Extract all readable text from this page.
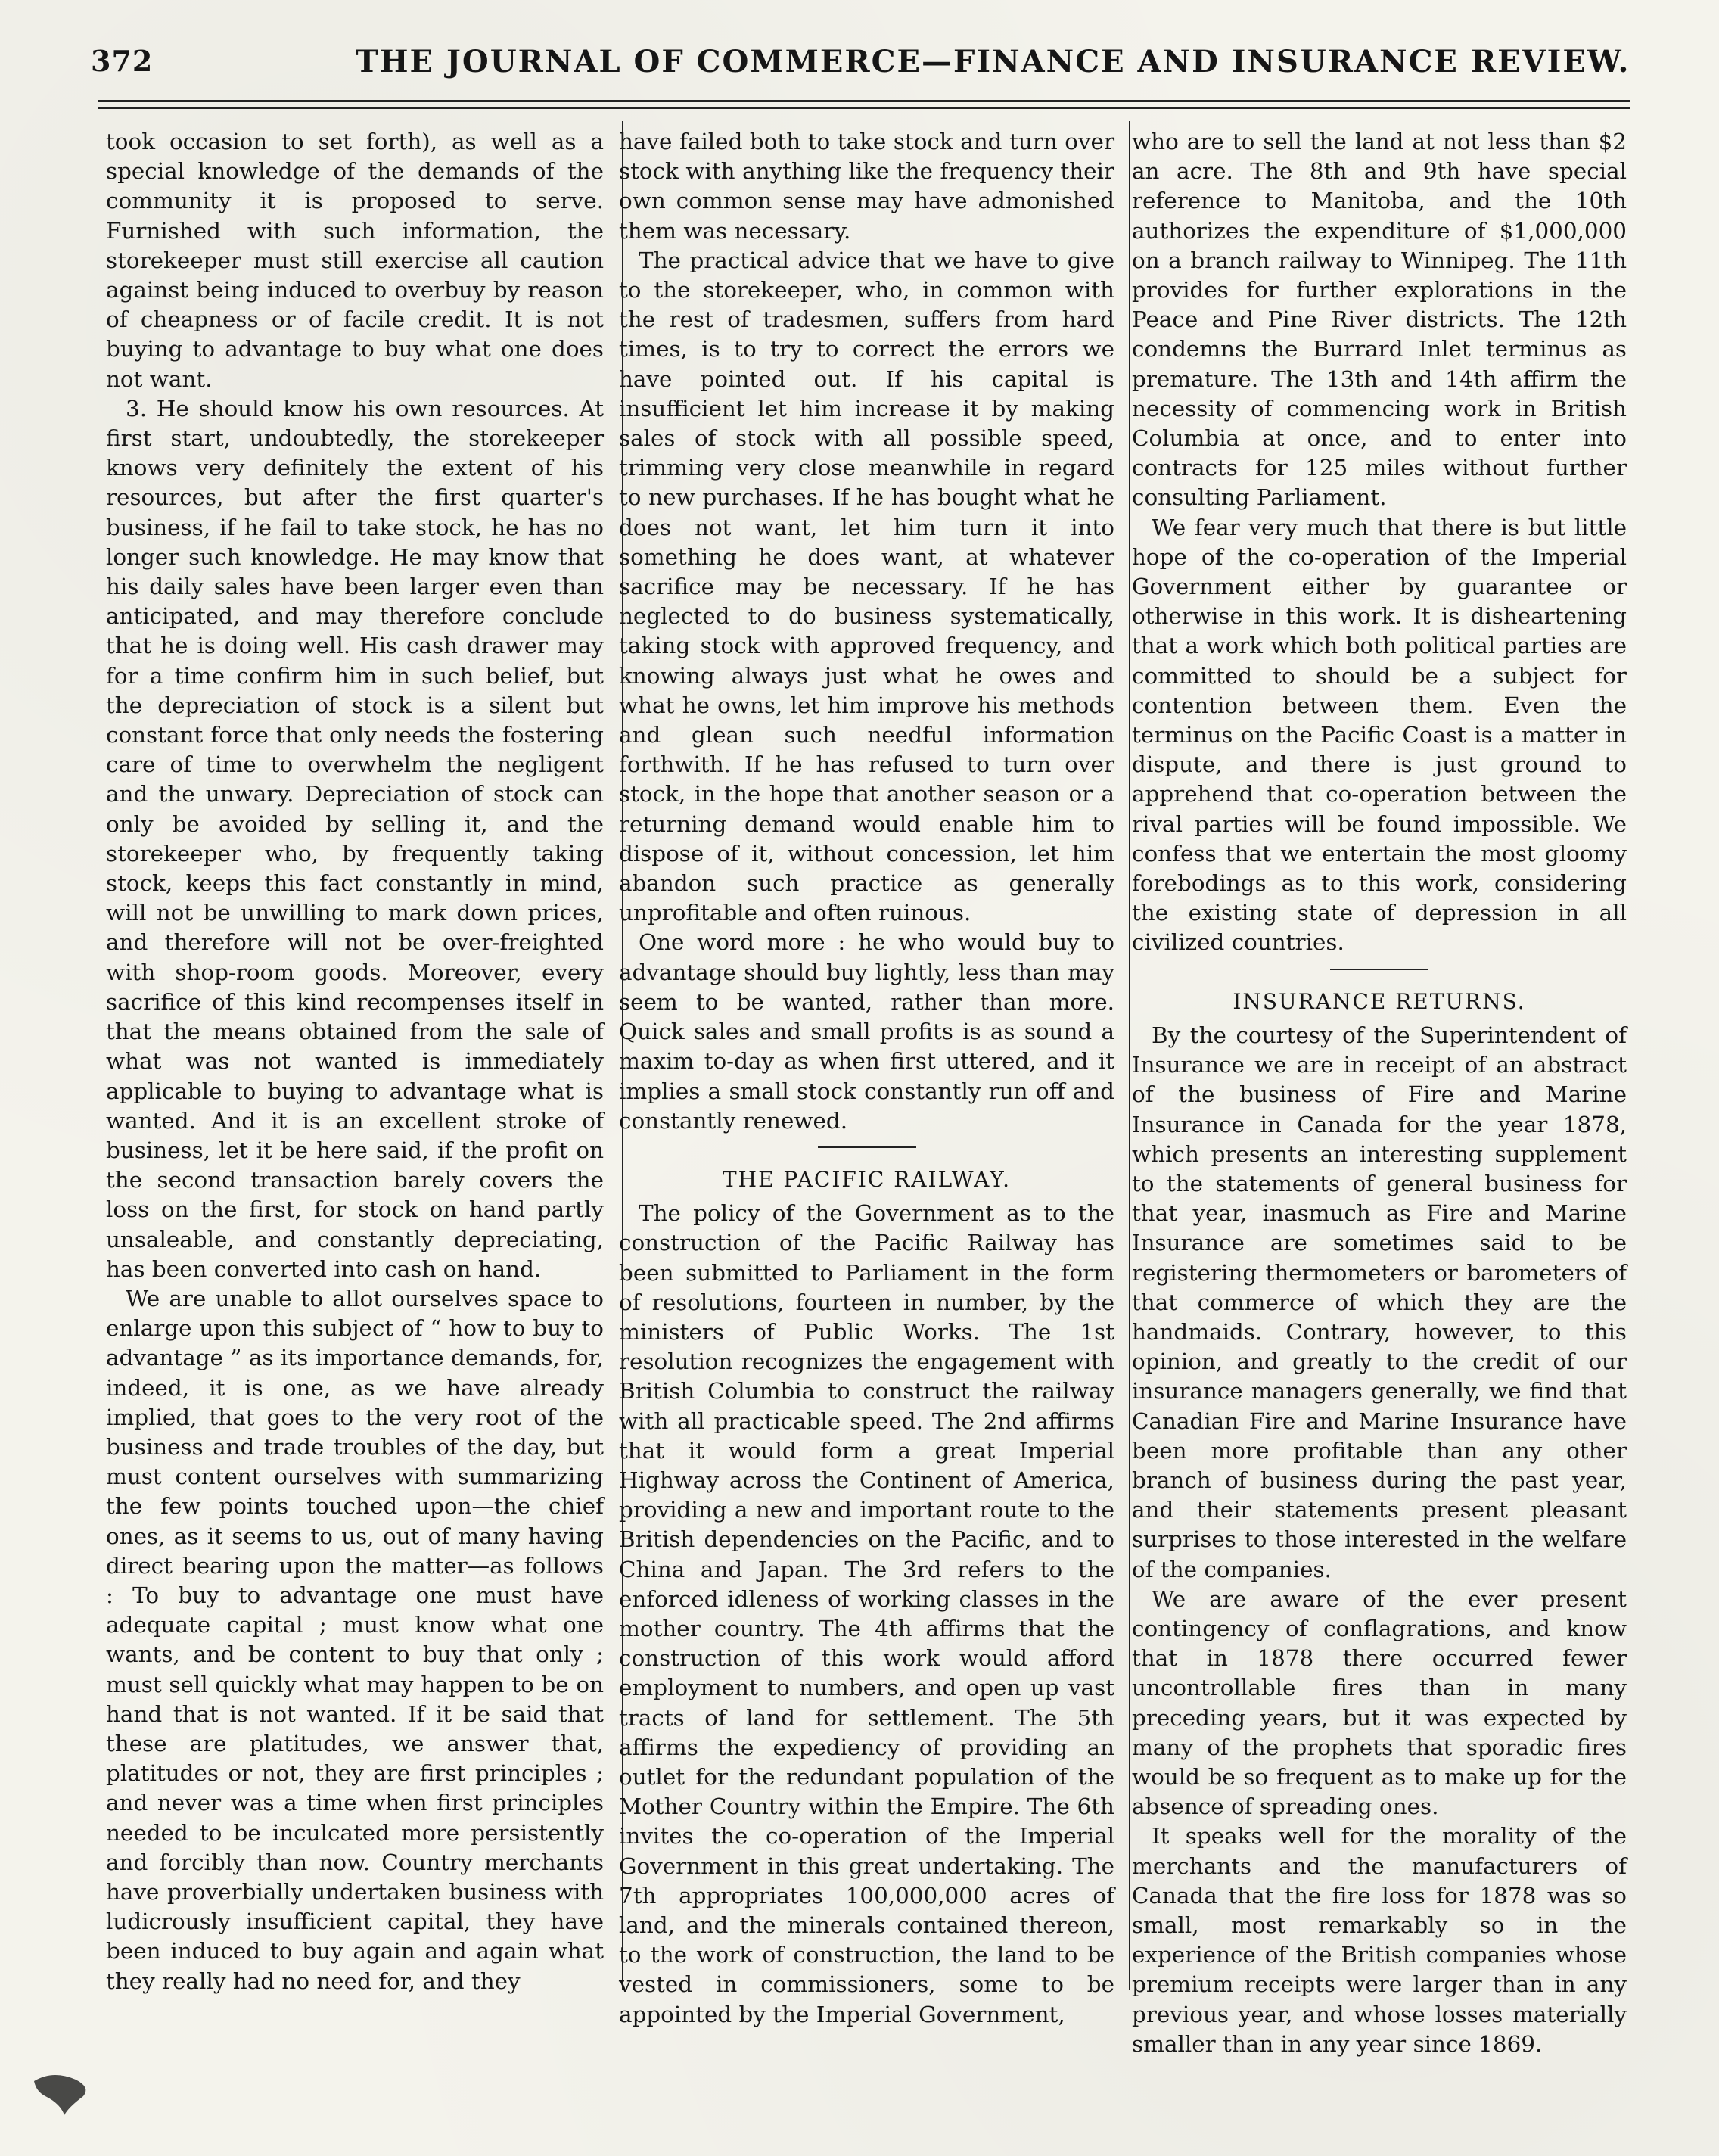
372	THE JOURNAL OF COMMERCE—FINANCE AND INSURANCE REVIEW.

took occasion to set forth), as well as a special knowledge of the demands of the community it is proposed to serve. Furnished with such information, the storekeeper must still exercise all caution against being induced to overbuy by reason of cheapness or of facile credit. It is not buying to advantage to buy what one does not want.

3. He should know his own resources. At first start, undoubtedly, the storekeeper knows very definitely the extent of his resources, but after the first quarter's business, if he fail to take stock, he has no longer such knowledge. He may know that his daily sales have been larger even than anticipated, and may therefore conclude that he is doing well. His cash drawer may for a time confirm him in such belief, but the depreciation of stock is a silent but constant force that only needs the fostering care of time to overwhelm the negligent and the unwary. Depreciation of stock can only be avoided by selling it, and the storekeeper who, by frequently taking stock, keeps this fact constantly in mind, will not be unwilling to mark down prices, and therefore will not be over-freighted with shop-room goods. Moreover, every sacrifice of this kind recompenses itself in that the means obtained from the sale of what was not wanted is immediately applicable to buying to advantage what is wanted. And it is an excellent stroke of business, let it be here said, if the profit on the second transaction barely covers the loss on the first, for stock on hand partly unsaleable, and constantly depreciating, has been converted into cash on hand.

We are unable to allot ourselves space to enlarge upon this subject of “ how to buy to advantage ” as its importance demands, for, indeed, it is one, as we have already implied, that goes to the very root of the business and trade troubles of the day, but must content ourselves with summarizing the few points touched upon—the chief ones, as it seems to us, out of many having direct bearing upon the matter—as follows : To buy to advantage one must have adequate capital ; must know what one wants, and be content to buy that only ; must sell quickly what may happen to be on hand that is not wanted. If it be said that these are platitudes, we answer that, platitudes or not, they are first principles ; and never was a time when first principles needed to be inculcated more persistently and forcibly than now. Country merchants have proverbially undertaken business with ludicrously insufficient capital, they have been induced to buy again and again what they really had no need for, and they

have failed both to take stock and turn over stock with anything like the frequency their own common sense may have admonished them was necessary.

The practical advice that we have to give to the storekeeper, who, in common with the rest of tradesmen, suffers from hard times, is to try to correct the errors we have pointed out. If his capital is insufficient let him increase it by making sales of stock with all possible speed, trimming very close meanwhile in regard to new purchases. If he has bought what he does not want, let him turn it into something he does want, at whatever sacrifice may be necessary. If he has neglected to do business systematically, taking stock with approved frequency, and knowing always just what he owes and what he owns, let him improve his methods and glean such needful information forthwith. If he has refused to turn over stock, in the hope that another season or a returning demand would enable him to dispose of it, without concession, let him abandon such practice as generally unprofitable and often ruinous.

One word more : he who would buy to advantage should buy lightly, less than may seem to be wanted, rather than more. Quick sales and small profits is as sound a maxim to-day as when first uttered, and it implies a small stock constantly run off and constantly renewed.

THE PACIFIC RAILWAY.

The policy of the Government as to the construction of the Pacific Railway has been submitted to Parliament in the form of resolutions, fourteen in number, by the ministers of Public Works. The 1st resolution recognizes the engagement with British Columbia to construct the railway with all practicable speed. The 2nd affirms that it would form a great Imperial Highway across the Continent of America, providing a new and important route to the British dependencies on the Pacific, and to China and Japan. The 3rd refers to the enforced idleness of working classes in the mother country. The 4th affirms that the construction of this work would afford employment to numbers, and open up vast tracts of land for settlement. The 5th affirms the expediency of providing an outlet for the redundant population of the Mother Country within the Empire. The 6th invites the co-operation of the Imperial Government in this great undertaking. The 7th appropriates 100,000,000 acres of land, and the minerals contained thereon, to the work of construction, the land to be vested in commissioners, some to be appointed by the Imperial Government,

who are to sell the land at not less than $2 an acre. The 8th and 9th have special reference to Manitoba, and the 10th authorizes the expenditure of $1,000,000 on a branch railway to Winnipeg. The 11th provides for further explorations in the Peace and Pine River districts. The 12th condemns the Burrard Inlet terminus as premature. The 13th and 14th affirm the necessity of commencing work in British Columbia at once, and to enter into contracts for 125 miles without further consulting Parliament.

We fear very much that there is but little hope of the co-operation of the Imperial Government either by guarantee or otherwise in this work. It is disheartening that a work which both political parties are committed to should be a subject for contention between them. Even the terminus on the Pacific Coast is a matter in dispute, and there is just ground to apprehend that co-operation between the rival parties will be found impossible. We confess that we entertain the most gloomy forebodings as to this work, considering the existing state of depression in all civilized countries.

INSURANCE RETURNS.

By the courtesy of the Superintendent of Insurance we are in receipt of an abstract of the business of Fire and Marine Insurance in Canada for the year 1878, which presents an interesting supplement to the statements of general business for that year, inasmuch as Fire and Marine Insurance are sometimes said to be registering thermometers or barometers of that commerce of which they are the handmaids. Contrary, however, to this opinion, and greatly to the credit of our insurance managers generally, we find that Canadian Fire and Marine Insurance have been more profitable than any other branch of business during the past year, and their statements present pleasant surprises to those interested in the welfare of the companies.

We are aware of the ever present contingency of conflagrations, and know that in 1878 there occurred fewer uncontrollable fires than in many preceding years, but it was expected by many of the prophets that sporadic fires would be so frequent as to make up for the absence of spreading ones.

It speaks well for the morality of the merchants and the manufacturers of Canada that the fire loss for 1878 was so small, most remarkably so in the experience of the British companies whose premium receipts were larger than in any previous year, and whose losses materially smaller than in any year since 1869.
